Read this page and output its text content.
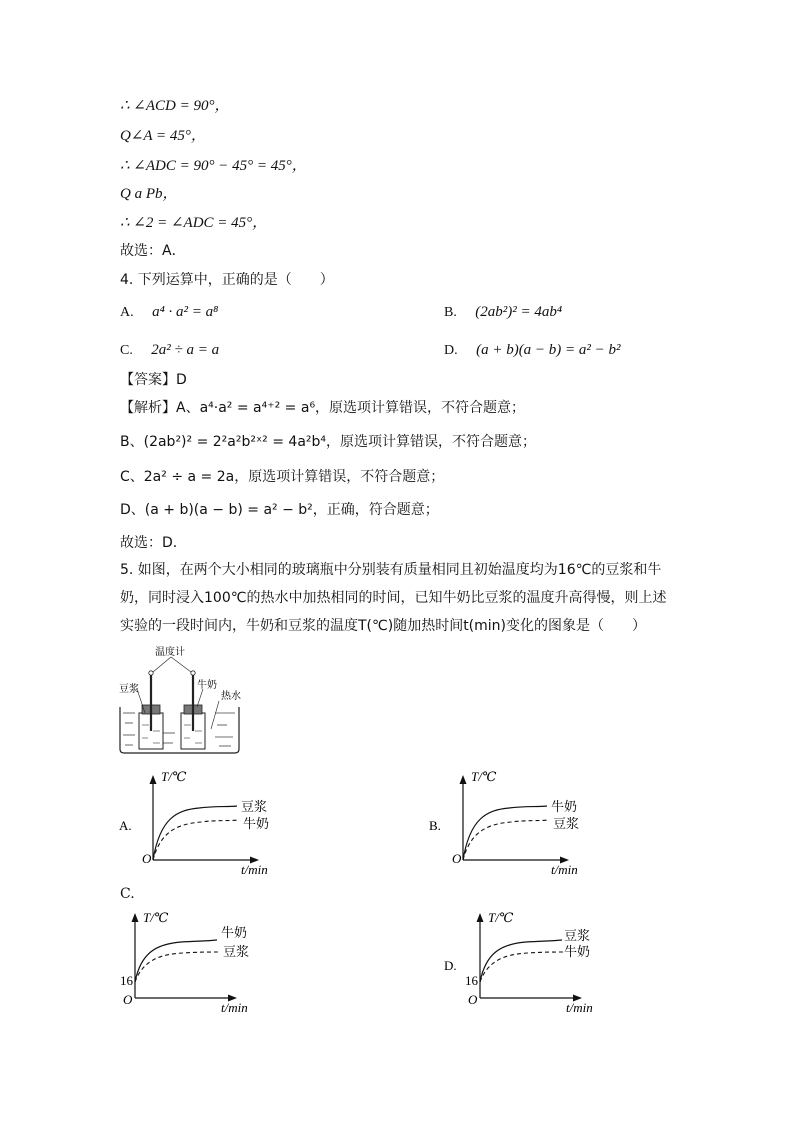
∴ ∠ACD = 90°，
Q∠A = 45°，
∴ ∠ADC = 90° − 45° = 45°，
Q a Pb，
∴ ∠2 = ∠ADC = 45°，
故选：A．
4. 下列运算中，正确的是（　　）
A. a⁴ · a² = a⁸	B. (2ab²)² = 4ab⁴
C. 2a² ÷ a = a	D. (a + b)(a − b) = a² − b²
【答案】D
【解析】A、a⁴·a² = a⁴⁺² = a⁶，原选项计算错误，不符合题意；
B、(2ab²)² = 2²a²b²ˣ² = 4a²b⁴，原选项计算错误，不符合题意；
C、2a² ÷ a = 2a，原选项计算错误，不符合题意；
D、(a + b)(a − b) = a² − b²，正确，符合题意；
故选：D．
5. 如图，在两个大小相同的玻璃瓶中分别装有质量相同且初始温度均为16℃的豆浆和牛
奶，同时浸入100℃的热水中加热相同的时间，已知牛奶比豆浆的温度升高得慢，则上述
实验的一段时间内，牛奶和豆浆的温度T(℃)随加热时间t(min)变化的图象是（　　）
温度计
豆浆	牛奶
热水
A.
T/℃
t/min
O
豆浆
牛奶	B.
T/℃
t/min
O
牛奶
豆浆
C.
T/℃
t/min
O
16
牛奶
豆浆
D.
T/℃
t/min
O
16
豆浆
牛奶
